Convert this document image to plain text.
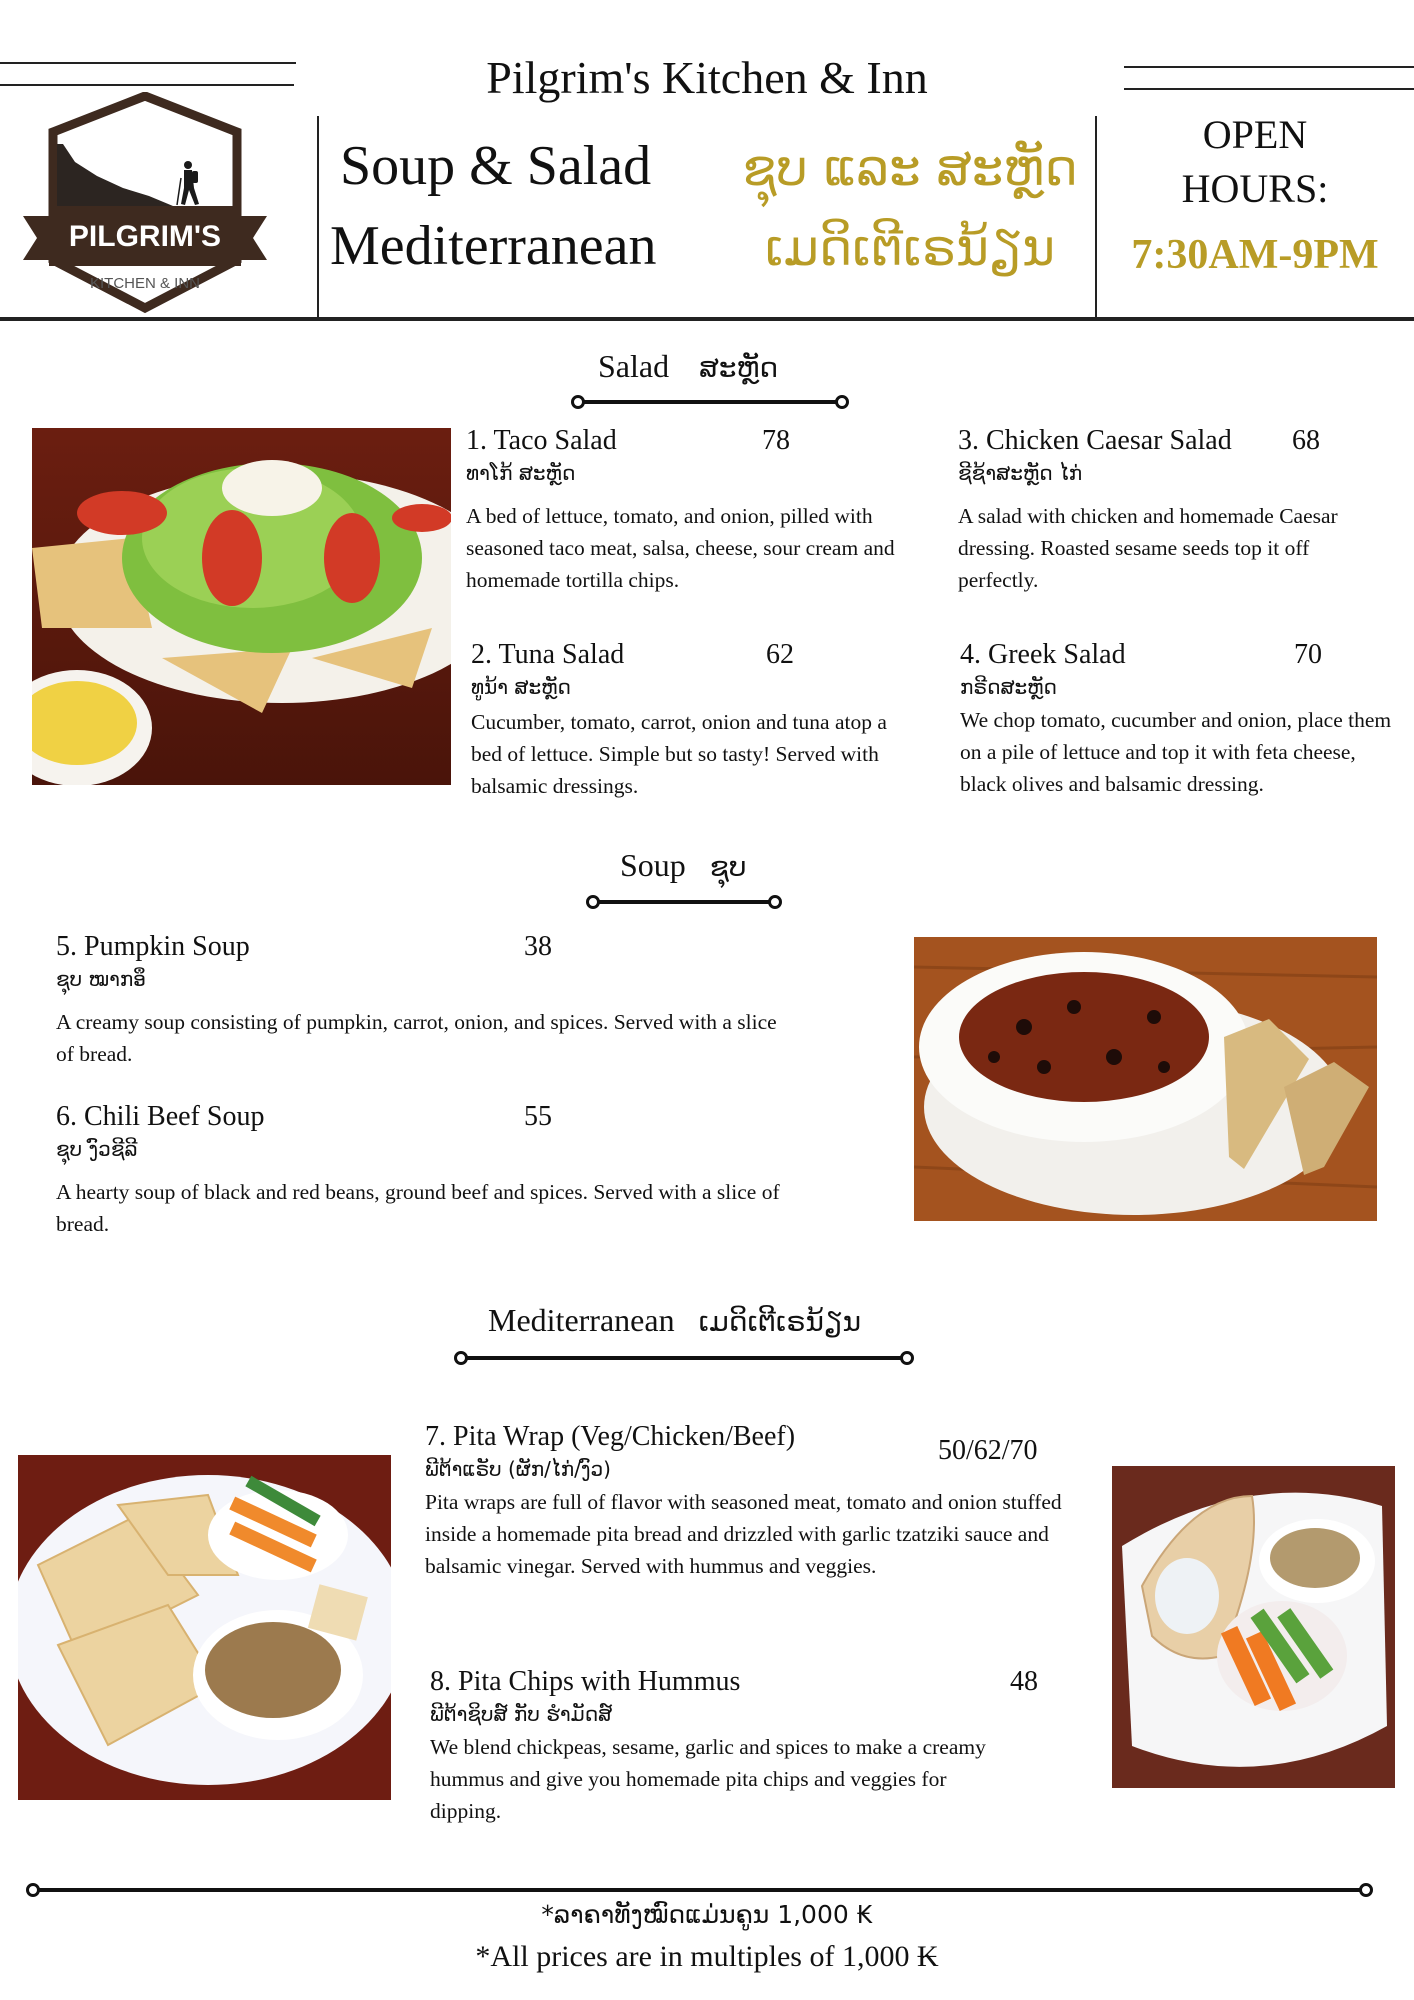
Pilgrim's Kitchen & Inn
PILGRIM'S
KITCHEN & INN
Soup & Salad
Mediterranean
ຊຸບ ແລະ ສະຫຼັດ
ເມດິເຕີເຣນ້ຽນ
OPEN
HOURS:
7:30AM-9PM
Salad ສະຫຼັດ
1. Taco Salad
ທາໂກ້ ສະຫຼັດ
A bed of lettuce, tomato, and onion, pilled with seasoned taco meat, salsa, cheese, sour cream and homemade tortilla chips.
78
2. Tuna Salad
ທູນ້າ ສະຫຼັດ
Cucumber, tomato, carrot, onion and tuna atop a bed of lettuce. Simple but so tasty! Served with balsamic dressings.
62
3. Chicken Caesar Salad
ຊີຊ້າສະຫຼັດ ໄກ່
A salad with chicken and homemade Caesar dressing. Roasted sesame seeds top it off perfectly.
68
4. Greek Salad
ກຣີດສະຫຼັດ
We chop tomato, cucumber and onion, place them on a pile of lettuce and top it with feta cheese, black olives and balsamic dressing.
70
Soup ຊຸບ
5. Pumpkin Soup
ຊຸບ ໝາກອຶ
A creamy soup consisting of pumpkin, carrot, onion, and spices. Served with a slice of bread.
38
6. Chili Beef Soup
ຊຸບ ງົວຊີລີ
A hearty soup of black and red beans, ground beef and spices. Served with a slice of bread.
55
Mediterranean ເມດິເຕີເຣນ້ຽນ
7. Pita Wrap (Veg/Chicken/Beef)
ພີຕ້າແຣັບ (ຜັກ/ໄກ່/ງົວ)
Pita wraps are full of flavor with seasoned meat, tomato and onion stuffed inside a homemade pita bread and drizzled with garlic tzatziki sauce and balsamic vinegar. Served with hummus and veggies.
50/62/70
8. Pita Chips with Hummus
ພີຕ້າຊິບສ໌ ກັບ ຮຳມັດສ໌
We blend chickpeas, sesame, garlic and spices to make a creamy hummus and give you homemade pita chips and veggies for dipping.
48
*ລາຄາທັງໝົດແມ່ນຄູນ 1,000 ₭
*All prices are in multiples of 1,000 ₭
